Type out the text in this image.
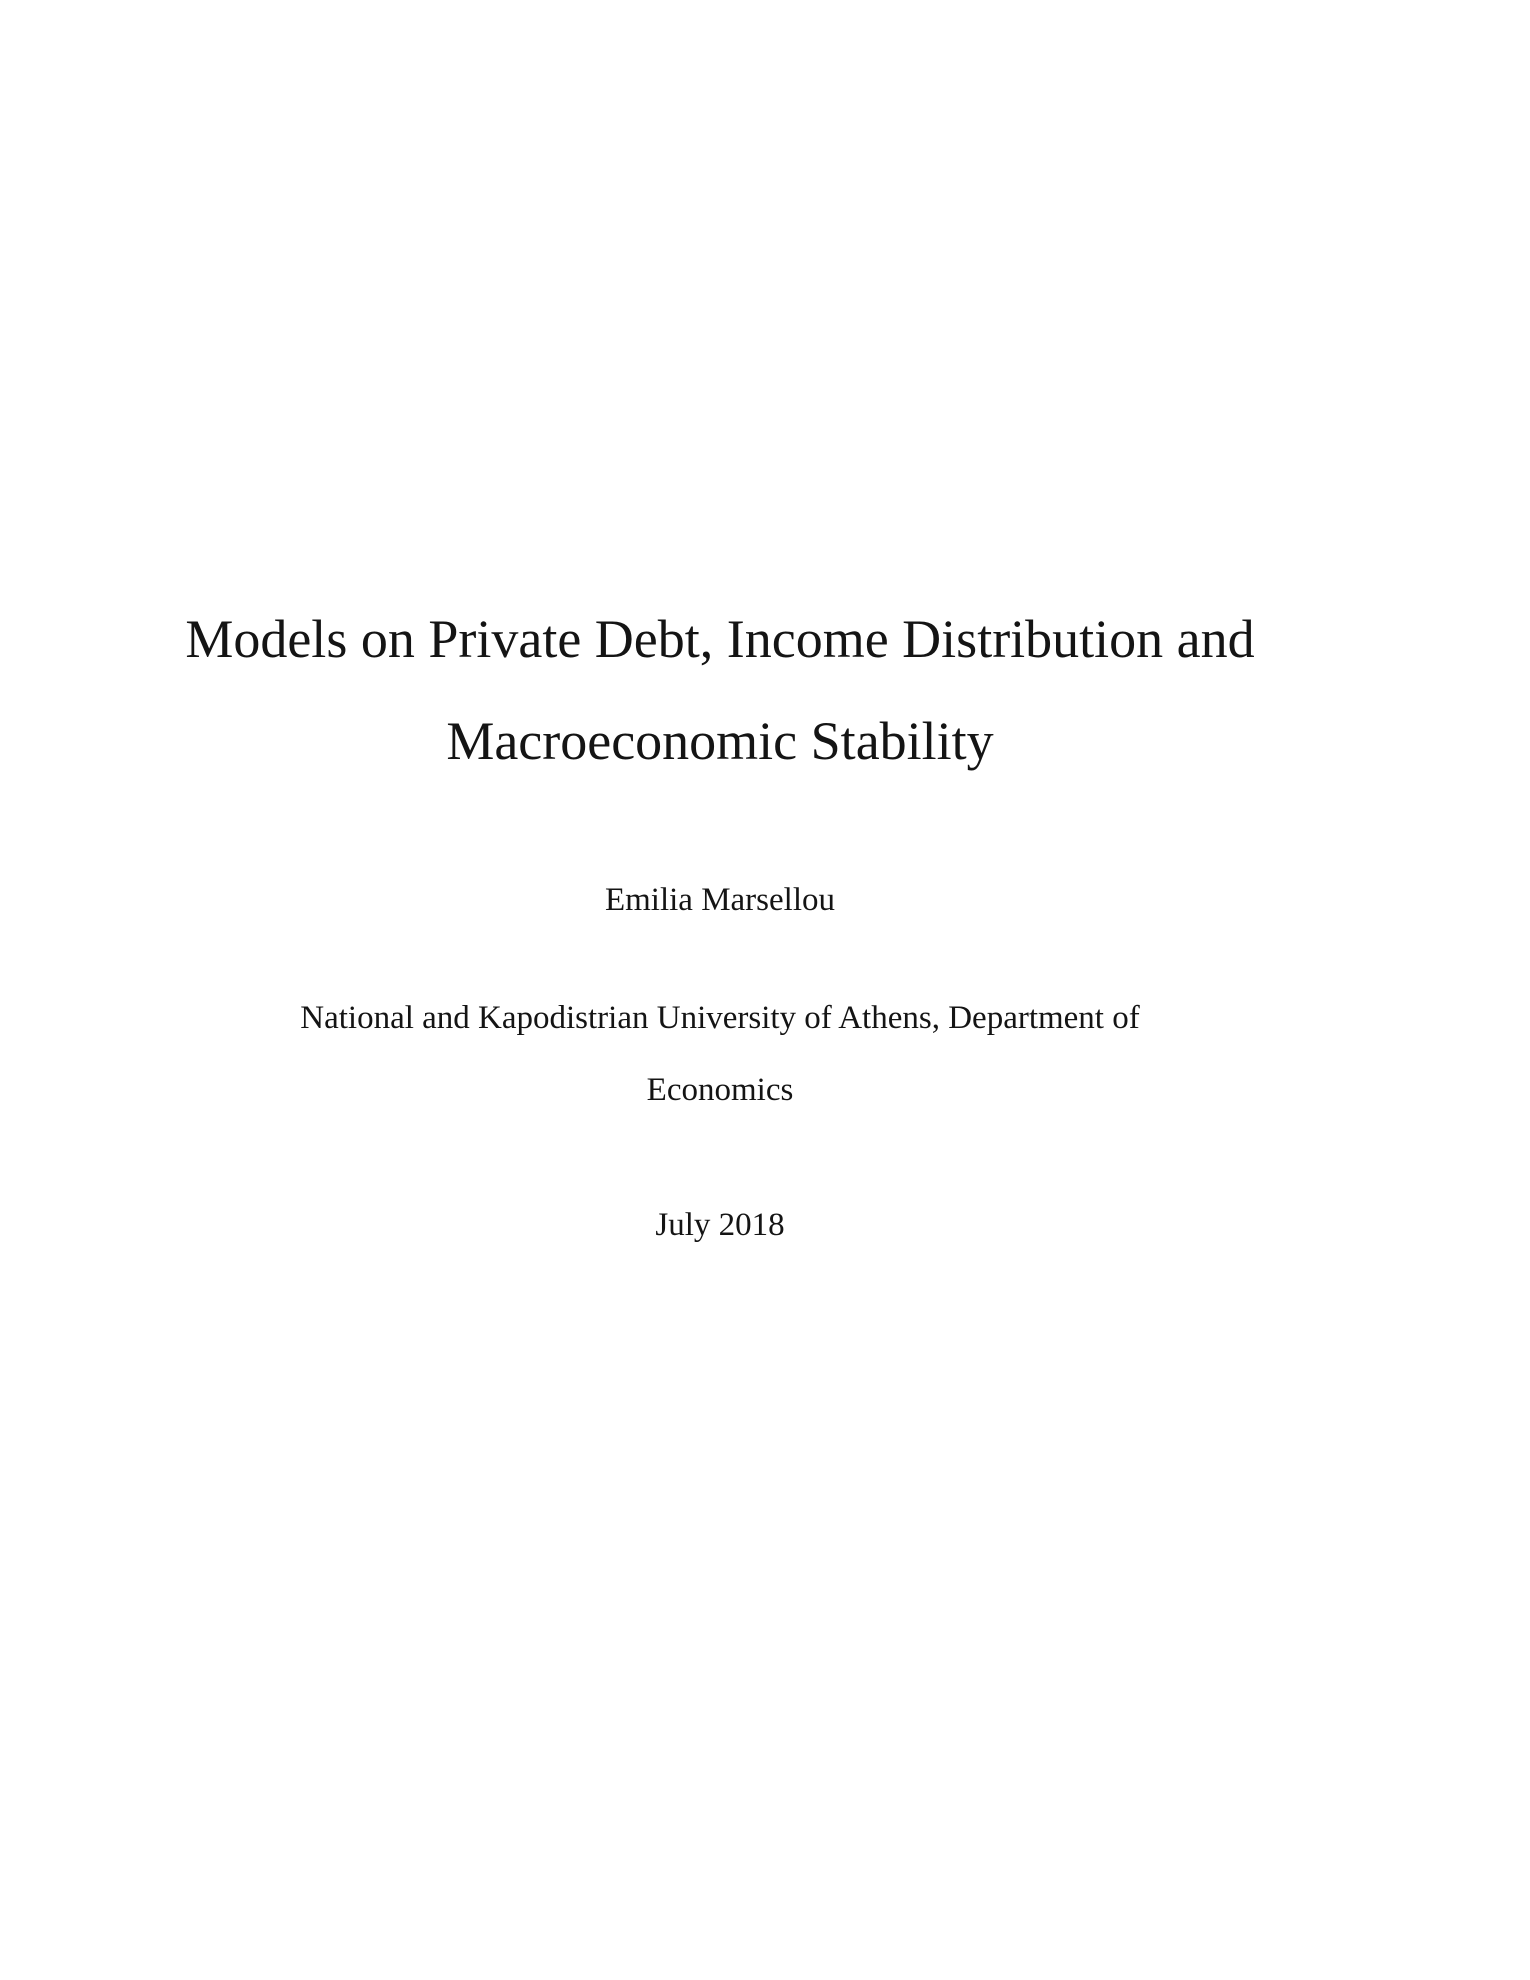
Models on Private Debt, Income Distribution and
Macroeconomic Stability
Emilia Marsellou
National and Kapodistrian University of Athens, Department of
Economics
July 2018
